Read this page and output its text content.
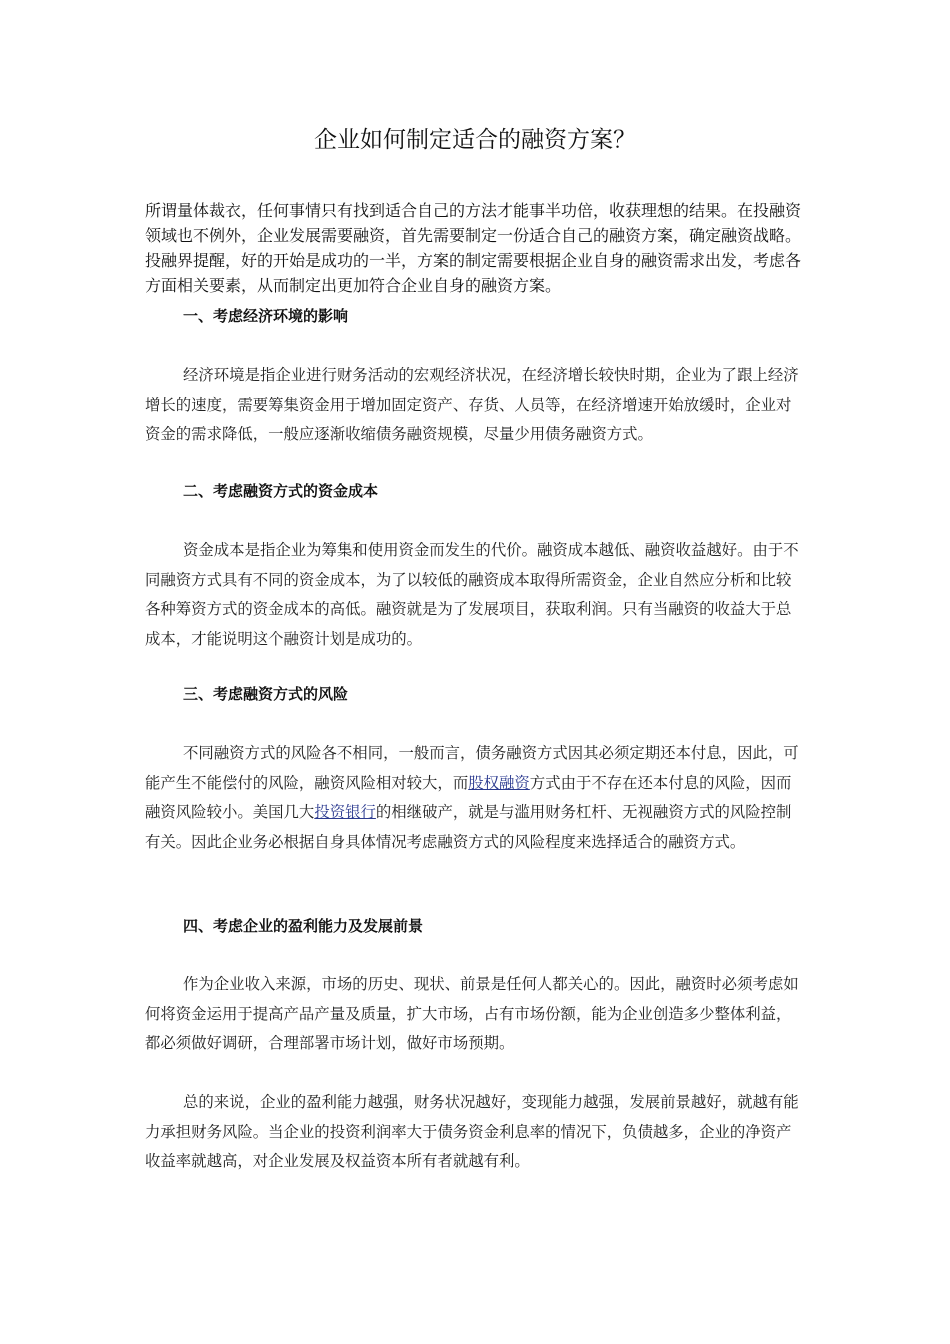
企业如何制定适合的融资方案？

所谓量体裁衣，任何事情只有找到适合自己的方法才能事半功倍，收获理想的结果。在投融资领域也不例外，企业发展需要融资，首先需要制定一份适合自己的融资方案，确定融资战略。投融界提醒，好的开始是成功的一半，方案的制定需要根据企业自身的融资需求出发，考虑各方面相关要素，从而制定出更加符合企业自身的融资方案。

一、考虑经济环境的影响

经济环境是指企业进行财务活动的宏观经济状况，在经济增长较快时期，企业为了跟上经济增长的速度，需要筹集资金用于增加固定资产、存货、人员等，在经济增速开始放缓时，企业对资金的需求降低，一般应逐渐收缩债务融资规模，尽量少用债务融资方式。

二、考虑融资方式的资金成本

资金成本是指企业为筹集和使用资金而发生的代价。融资成本越低、融资收益越好。由于不同融资方式具有不同的资金成本，为了以较低的融资成本取得所需资金，企业自然应分析和比较各种筹资方式的资金成本的高低。融资就是为了发展项目，获取利润。只有当融资的收益大于总成本，才能说明这个融资计划是成功的。

三、考虑融资方式的风险

不同融资方式的风险各不相同，一般而言，债务融资方式因其必须定期还本付息，因此，可能产生不能偿付的风险，融资风险相对较大，而股权融资方式由于不存在还本付息的风险，因而融资风险较小。美国几大投资银行的相继破产，就是与滥用财务杠杆、无视融资方式的风险控制有关。因此企业务必根据自身具体情况考虑融资方式的风险程度来选择适合的融资方式。

四、考虑企业的盈利能力及发展前景

作为企业收入来源，市场的历史、现状、前景是任何人都关心的。因此，融资时必须考虑如何将资金运用于提高产品产量及质量，扩大市场，占有市场份额，能为企业创造多少整体利益，都必须做好调研，合理部署市场计划，做好市场预期。

总的来说，企业的盈利能力越强，财务状况越好，变现能力越强，发展前景越好，就越有能力承担财务风险。当企业的投资利润率大于债务资金利息率的情况下，负债越多，企业的净资产收益率就越高，对企业发展及权益资本所有者就越有利。
